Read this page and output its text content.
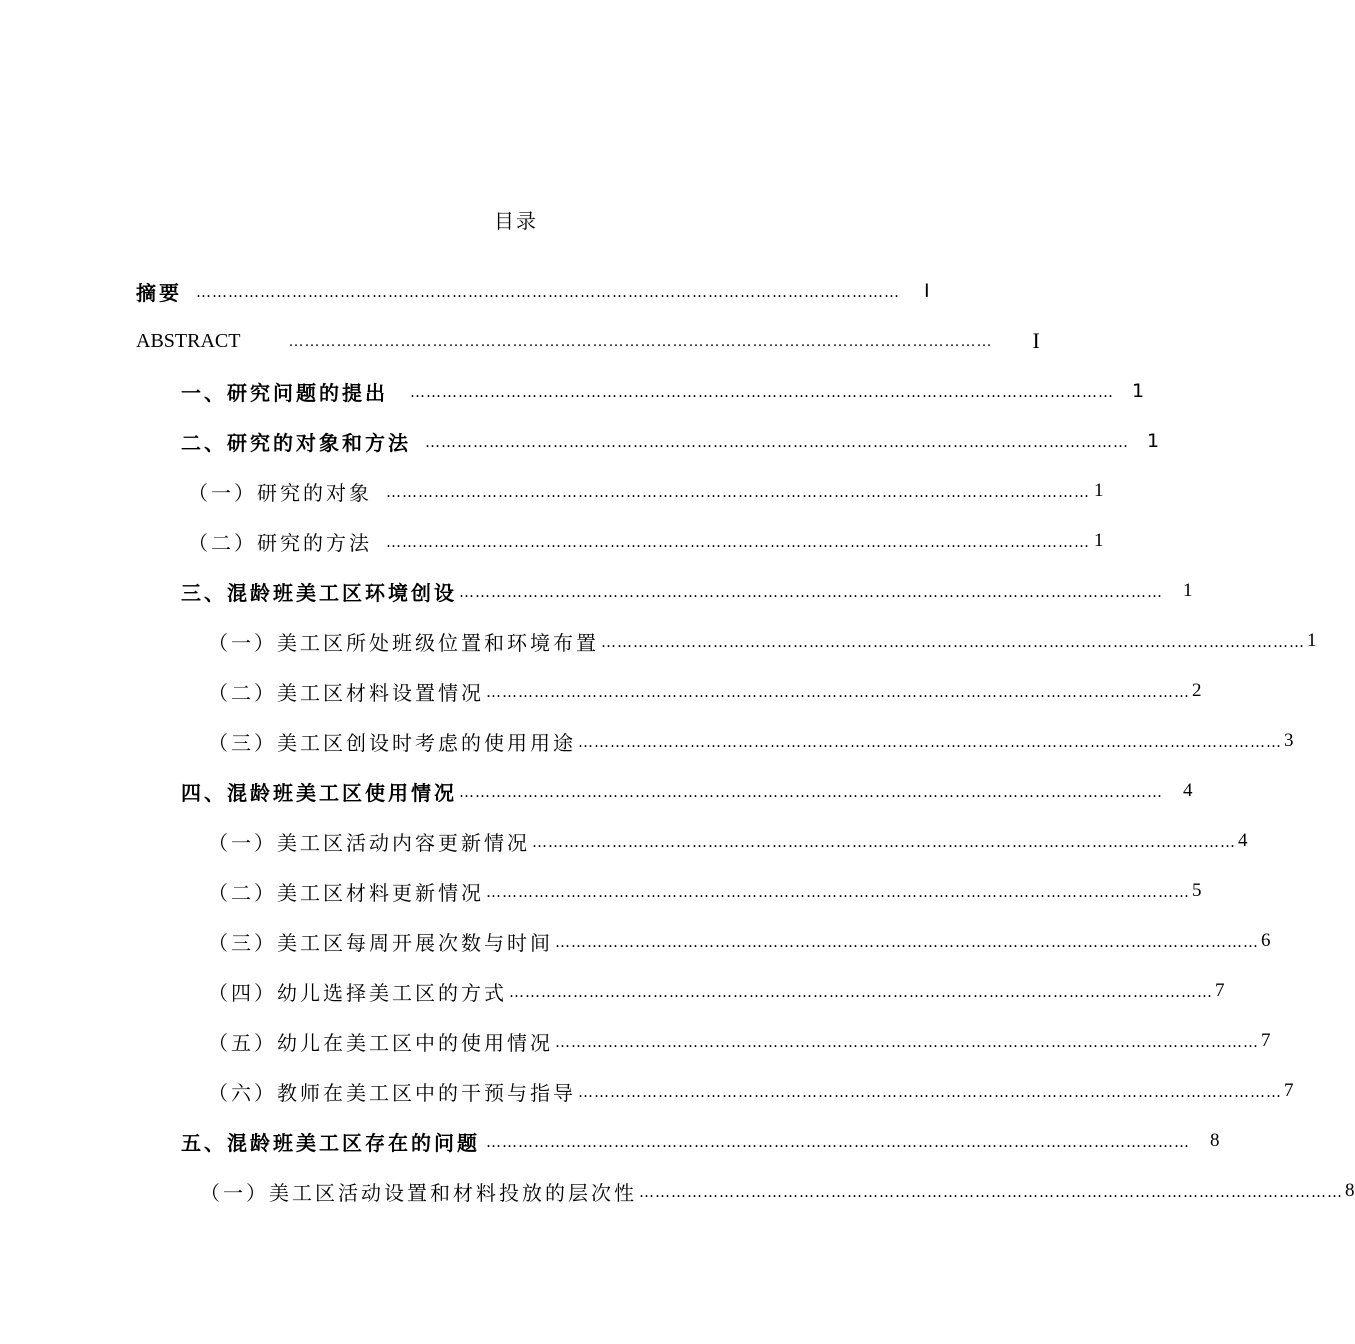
目录
摘要 …………………………………………………………………………………………………………………… I
ABSTRACT	…………………………………………………………………………………………………………………… I
一、研究问题的提出 …………………………………………………………………………………………………………………… 1
二、研究的对象和方法 …………………………………………………………………………………………………………………… 1
（一）研究的对象 …………………………………………………………………………………………………………………… 1
（二）研究的方法 …………………………………………………………………………………………………………………… 1
三、混龄班美工区环境创设 …………………………………………………………………………………………………………………… 1
（一）美工区所处班级位置和环境布置 …………………………………………………………………………………………………………………… 1
（二）美工区材料设置情况 …………………………………………………………………………………………………………………… 2
（三）美工区创设时考虑的使用用途 …………………………………………………………………………………………………………………… 3
四、混龄班美工区使用情况 …………………………………………………………………………………………………………………… 4
（一）美工区活动内容更新情况 …………………………………………………………………………………………………………………… 4
（二）美工区材料更新情况 …………………………………………………………………………………………………………………… 5
（三）美工区每周开展次数与时间 …………………………………………………………………………………………………………………… 6
（四）幼儿选择美工区的方式 …………………………………………………………………………………………………………………… 7
（五）幼儿在美工区中的使用情况 …………………………………………………………………………………………………………………… 7
（六）教师在美工区中的干预与指导 …………………………………………………………………………………………………………………… 7
五、混龄班美工区存在的问题 …………………………………………………………………………………………………………………… 8
（一）美工区活动设置和材料投放的层次性 …………………………………………………………………………………………………………………… 8
